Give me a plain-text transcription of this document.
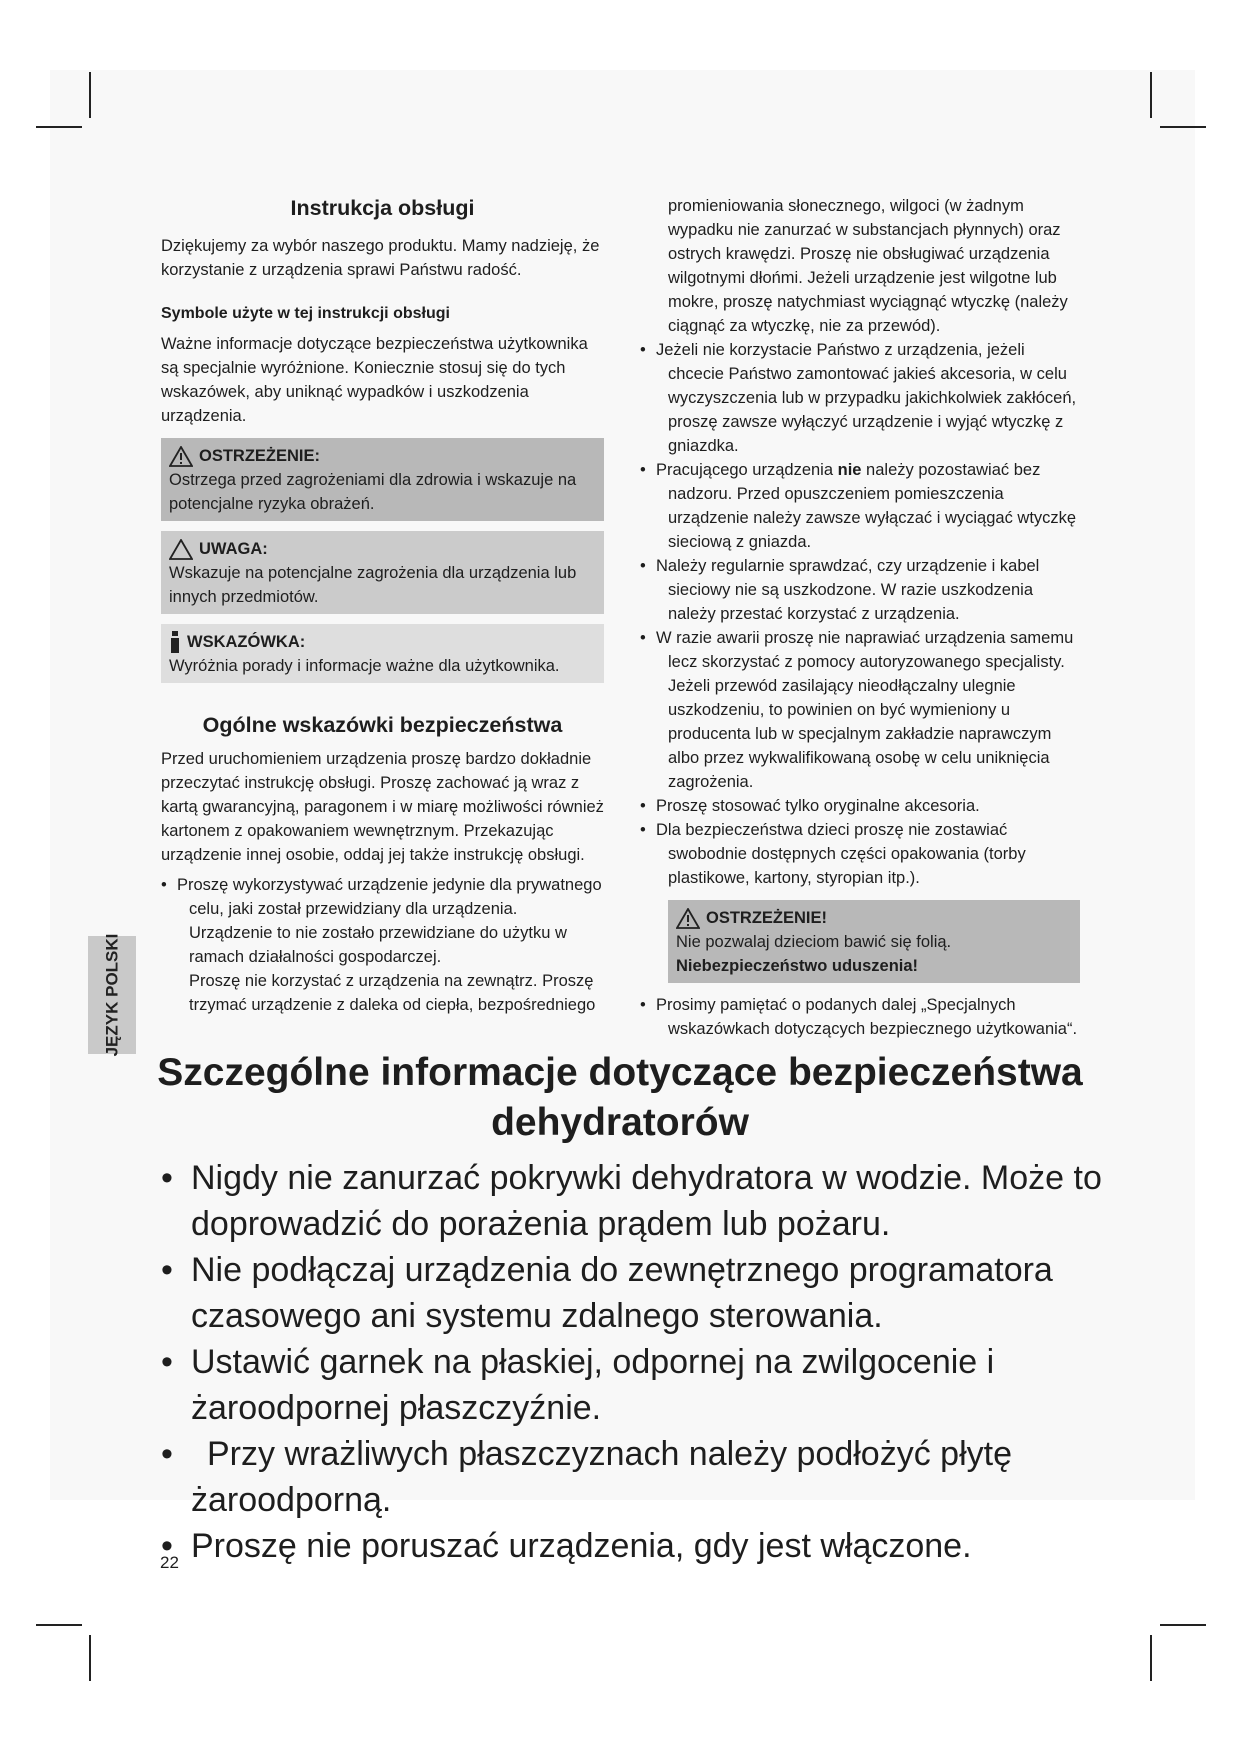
Instrukcja obsługi

Dziękujemy za wybór naszego produktu. Mamy nadzieję, że korzystanie z urządzenia sprawi Państwu radość.

Symbole użyte w tej instrukcji obsługi

Ważne informacje dotyczące bezpieczeństwa użytkownika są specjalnie wyróżnione. Koniecznie stosuj się do tych wskazówek, aby uniknąć wypadków i uszkodzenia urządzenia.

OSTRZEŻENIE:
Ostrzega przed zagrożeniami dla zdrowia i wskazuje na potencjalne ryzyka obrażeń.
UWAGA:
Wskazuje na potencjalne zagrożenia dla urządzenia lub innych przedmiotów.
WSKAZÓWKA:
Wyróżnia porady i informacje ważne dla użytkownika.
Ogólne wskazówki bezpieczeństwa

Przed uruchomieniem urządzenia proszę bardzo dokładnie przeczytać instrukcję obsługi. Proszę zachować ją wraz z kartą gwarancyjną, paragonem i w miarę możliwości również kartonem z opakowaniem wewnętrznym. Przekazując urządzenie innej osobie, oddaj jej także instrukcję obsługi.

• Proszę wykorzystywać urządzenie jedynie dla prywatnego celu, jaki został przewidziany dla urządzenia. Urządzenie to nie zostało przewidziane do użytku w ramach działalności gospodarczej.
Proszę nie korzystać z urządzenia na zewnątrz. Proszę trzymać urządzenie z daleka od ciepła, bezpośredniego
promieniowania słonecznego, wilgoci (w żadnym wypadku nie zanurzać w substancjach płynnych) oraz ostrych krawędzi. Proszę nie obsługiwać urządzenia wilgotnymi dłońmi. Jeżeli urządzenie jest wilgotne lub mokre, proszę natychmiast wyciągnąć wtyczkę (należy ciągnąć za wtyczkę, nie za przewód).
• Jeżeli nie korzystacie Państwo z urządzenia, jeżeli chcecie Państwo zamontować jakieś akcesoria, w celu wyczyszczenia lub w przypadku jakichkolwiek zakłóceń, proszę zawsze wyłączyć urządzenie i wyjąć wtyczkę z gniazdka.
• Pracującego urządzenia nie należy pozostawiać bez nadzoru. Przed opuszczeniem pomieszczenia urządzenie należy zawsze wyłączać i wyciągać wtyczkę sieciową z gniazda.
• Należy regularnie sprawdzać, czy urządzenie i kabel sieciowy nie są uszkodzone. W razie uszkodzenia należy przestać korzystać z urządzenia.
• W razie awarii proszę nie naprawiać urządzenia samemu lecz skorzystać z pomocy autoryzowanego specjalisty. Jeżeli przewód zasilający nieodłączalny ulegnie uszkodzeniu, to powinien on być wymieniony u producenta lub w specjalnym zakładzie naprawczym albo przez wykwalifikowaną osobę w celu uniknięcia zagrożenia.
• Proszę stosować tylko oryginalne akcesoria.
• Dla bezpieczeństwa dzieci proszę nie zostawiać swobodnie dostępnych części opakowania (torby plastikowe, kartony, styropian itp.).
OSTRZEŻENIE!
Nie pozwalaj dzieciom bawić się folią. Niebezpieczeństwo uduszenia!
• Prosimy pamiętać o podanych dalej „Specjalnych wskazówkach dotyczących bezpiecznego użytkowania“.
JĘZYK POLSKI
Szczególne informacje dotyczące bezpieczeństwa
dehydratorów
• Nigdy nie zanurzać pokrywki dehydratora w wodzie. Może to doprowadzić do porażenia prądem lub pożaru.
• Nie podłączaj urządzenia do zewnętrznego programatora czasowego ani systemu zdalnego sterowania.
• Ustawić garnek na płaskiej, odpornej na zwilgocenie i żaroodpornej płaszczyźnie.
• Przy wrażliwych płaszczyznach należy podłożyć płytę żaroodporną.
• Proszę nie poruszać urządzenia, gdy jest włączone.
22
